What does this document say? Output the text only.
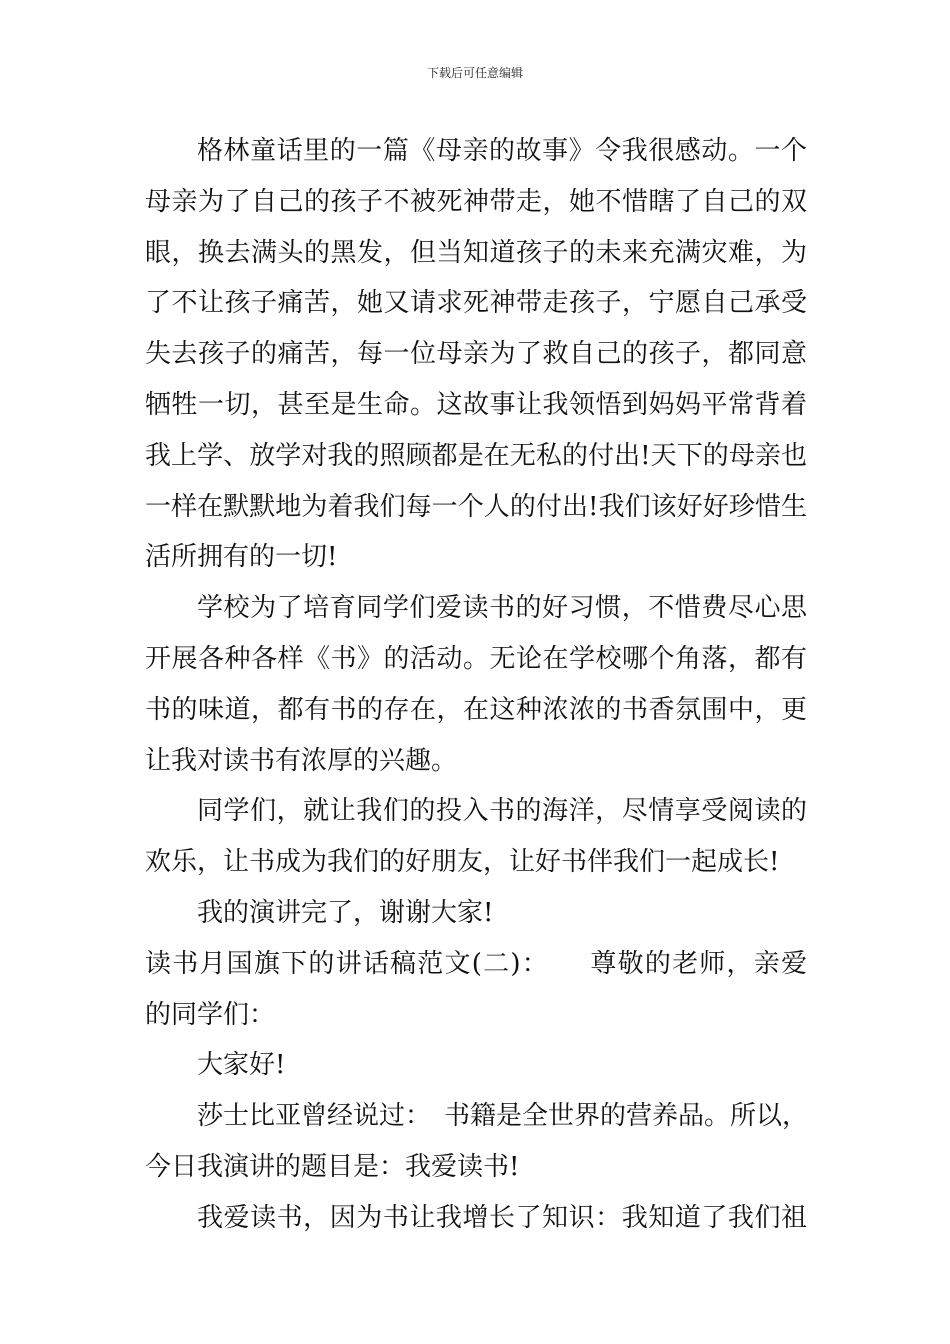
下载后可任意编辑
格林童话里的一篇《母亲的故事》令我很感动。一个
母亲为了自己的孩子不被死神带走，她不惜瞎了自己的双
眼，换去满头的黑发，但当知道孩子的未来充满灾难，为
了不让孩子痛苦，她又请求死神带走孩子，宁愿自己承受
失去孩子的痛苦，每一位母亲为了救自己的孩子，都同意
牺牲一切，甚至是生命。这故事让我领悟到妈妈平常背着
我上学、放学对我的照顾都是在无私的付出!天下的母亲也
一样在默默地为着我们每一个人的付出!我们该好好珍惜生
活所拥有的一切!
学校为了培育同学们爱读书的好习惯，不惜费尽心思
开展各种各样《书》的活动。无论在学校哪个角落，都有
书的味道，都有书的存在，在这种浓浓的书香氛围中，更
让我对读书有浓厚的兴趣。
同学们，就让我们的投入书的海洋，尽情享受阅读的
欢乐，让书成为我们的好朋友，让好书伴我们一起成长!
我的演讲完了，谢谢大家!
读书月国旗下的讲话稿范文(二)：　　尊敬的老师，亲爱
的同学们：
大家好!
莎士比亚曾经说过：　书籍是全世界的营养品。所以，
今日我演讲的题目是：我爱读书!
我爱读书，因为书让我增长了知识：我知道了我们祖
